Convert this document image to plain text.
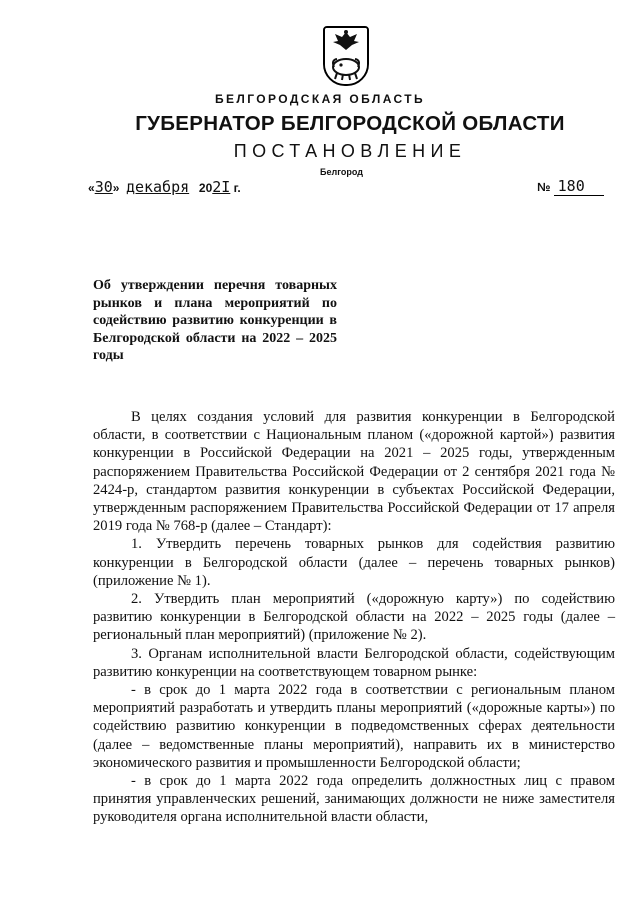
БЕЛГОРОДСКАЯ ОБЛАСТЬ
ГУБЕРНАТОР БЕЛГОРОДСКОЙ ОБЛАСТИ
ПОСТАНОВЛЕНИЕ
Белгород
«30» декабря 202I г.	№ 180
Об утверждении перечня товарных рынков и плана мероприятий по содействию развитию конкуренции в Белгородской области на 2022 – 2025 годы

В целях создания условий для развития конкуренции в Белгородской области, в соответствии с Национальным планом («дорожной картой») развития конкуренции в Российской Федерации на 2021 – 2025 годы, утвержденным распоряжением Правительства Российской Федерации от 2 сентября 2021 года № 2424-р, стандартом развития конкуренции в субъектах Российской Федерации, утвержденным распоряжением Правительства Российской Федерации от 17 апреля 2019 года № 768-р (далее – Стандарт):

1. Утвердить перечень товарных рынков для содействия развитию конкуренции в Белгородской области (далее – перечень товарных рынков) (приложение № 1).

2. Утвердить план мероприятий («дорожную карту») по содействию развитию конкуренции в Белгородской области на 2022 – 2025 годы (далее – региональный план мероприятий) (приложение № 2).

3. Органам исполнительной власти Белгородской области, содействующим развитию конкуренции на соответствующем товарном рынке:

- в срок до 1 марта 2022 года в соответствии с региональным планом мероприятий разработать и утвердить планы мероприятий («дорожные карты») по содействию развитию конкуренции в подведомственных сферах деятельности (далее – ведомственные планы мероприятий), направить их в министерство экономического развития и промышленности Белгородской области;

- в срок до 1 марта 2022 года определить должностных лиц с правом принятия управленческих решений, занимающих должности не ниже заместителя руководителя органа исполнительной власти области,
